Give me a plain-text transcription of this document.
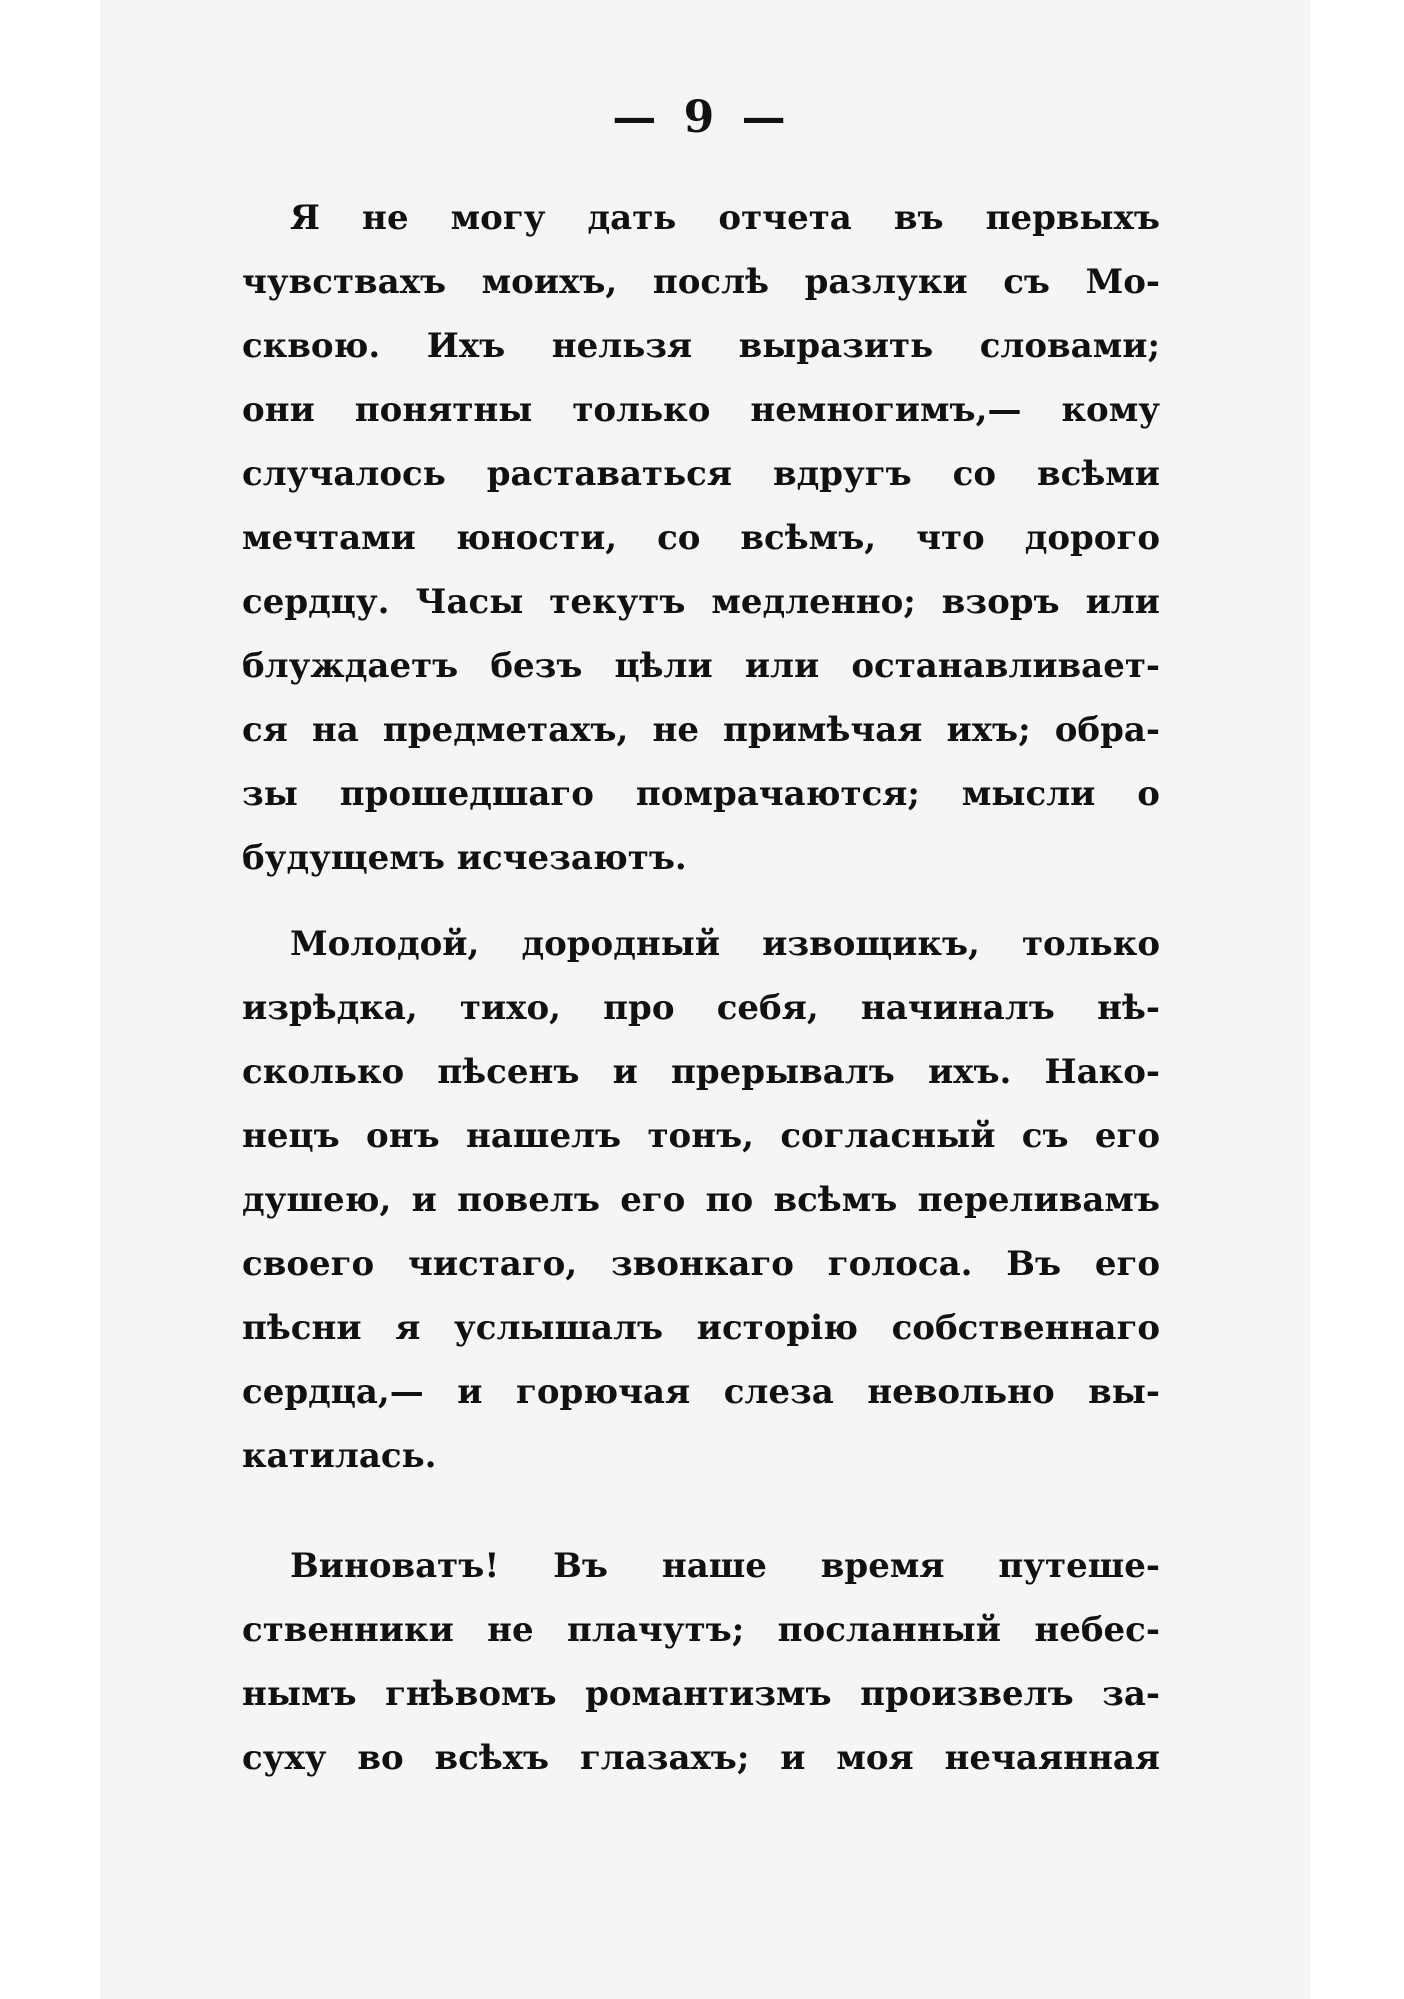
— 9 —
Я не могу дать отчета въ первыхъ
чувствахъ моихъ, послѣ разлуки съ Мо-
сквою. Ихъ нельзя выразить словами;
они понятны только немногимъ,— кому
случалось раставаться вдругъ со всѣми
мечтами юности, со всѣмъ, что дорого
сердцу. Часы текутъ медленно; взоръ или
блуждаетъ безъ цѣли или останавливает-
ся на предметахъ, не примѣчая ихъ; обра-
зы прошедшаго помрачаются; мысли о
будущемъ исчезаютъ.
Молодой, дородный извощикъ, только
изрѣдка, тихо, про себя, начиналъ нѣ-
сколько пѣсенъ и прерывалъ ихъ. Нако-
нецъ онъ нашелъ тонъ, согласный съ его
душею, и повелъ его по всѣмъ переливамъ
своего чистаго, звонкаго голоса. Въ его
пѣсни я услышалъ исторію собственнаго
сердца,— и горючая слеза невольно вы-
катилась.
Виноватъ! Въ наше время путеше-
ственники не плачутъ; посланный небес-
нымъ гнѣвомъ романтизмъ произвелъ за-
суху во всѣхъ глазахъ; и моя нечаянная
